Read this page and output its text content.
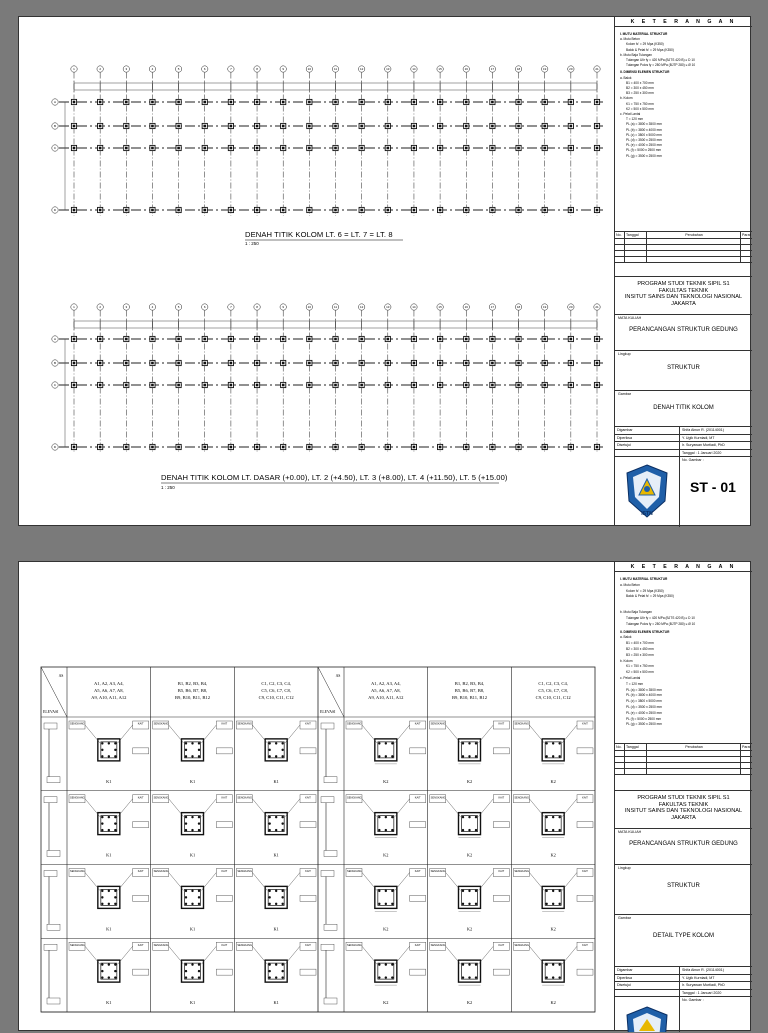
1	2	3	4	5	6	7	8	9	10	11	12	13	14	15	16	17	18	19	20	21
A
B
C
D
1	2	3	4	5	6	7	8	9	10	11	12	13	14	15	16	17	18	19	20	21
A
B
C
D
DENAH TITIK KOLOM LT. 6 = LT. 7 = LT. 8
1 : 250
DENAH TITIK KOLOM LT. DASAR (+0.00), LT. 2 (+4.50), LT. 3 (+8.00), LT. 4 (+11.50), LT. 5 (+15.00)
1 : 250
K E T E R A N G A N
I. MUTU MATERIAL STRUKTUR
a. Mutu Beton
Kolom fc' = 29 Mpa (K350)
Balok & Pelat fc' = 29 Mpa (K350)
b. Mutu Baja Tulangan
Tulangan Ulir fy = 420 MPa (BJTS 420 B) ≥ D 10
Tulangan Polos fy = 280 MPa (BJTP 280) ≤ Ø 10
II. DIMENSI ELEMEN STRUKTUR
a. Balok
B1 = 400 x 700 mm
B2 = 300 x 450 mm
B3 = 250 x 300 mm
b. Kolom
K1 = 750 x 750 mm
K2 = 500 x 500 mm
c. Pelat Lantai
T = 120 mm
PL (a) = 3800 x 3500 mm
PL (b) = 3800 x 4000 mm
PL (c) = 3800 x 5000 mm
PL (d) = 3500 x 2500 mm
PL (e) = 4000 x 2500 mm
PL (f) = 5000 x 2500 mm
PL (g) = 3500 x 2500 mm
No.	Tanggal	Perubahan	Paraf
PROGRAM STUDI TEKNIK SIPIL S1
FAKULTAS TEKNIK
INSITUT SAINS DAN TEKNOLOGI NASIONAL
JAKARTA
MATA KULIAH
PERANCANGAN STRUKTUR GEDUNG
Lingkup
STRUKTUR
Gambar
DENAH TITIK KOLOM
Digambar	Shifa Ainun R. (20114001)
Diperiksa	Y. Ugik Kurniadi, MT
Disetujui	Ir. Suryawan Murtiadi, PhD
Tanggal : 1 Januari 2020
ISTN
No. Gambar :
ST - 01
AS
ELEVASI
A1, A2, A3, A4,
A5, A6, A7, A8,
A9, A10, A11, A12
SENGKANG	KAIT
K1
SENGKANG	KAIT
K1
SENGKANG	KAIT
K1
SENGKANG	KAIT
K1
B1, B2, B3, B4,
B5, B6, B7, B8,
B9, B10, B11, B12
SENGKANG	KAIT
K1
SENGKANG	KAIT
K1
SENGKANG	KAIT
K1
SENGKANG	KAIT
K1
C1, C2, C3, C4,
C5, C6, C7, C8,
C9, C10, C11, C12
SENGKANG	KAIT
K1
SENGKANG	KAIT
K1
SENGKANG	KAIT
K1
SENGKANG	KAIT
K1
AS
ELEVASI
A1, A2, A3, A4,
A5, A6, A7, A8,
A9, A10, A11, A12
SENGKANG	KAIT
K2
SENGKANG	KAIT
K2
SENGKANG	KAIT
K2
SENGKANG	KAIT
K2
B1, B2, B3, B4,
B5, B6, B7, B8,
B9, B10, B11, B12
SENGKANG	KAIT
K2
SENGKANG	KAIT
K2
SENGKANG	KAIT
K2
SENGKANG	KAIT
K2
C1, C2, C3, C4,
C5, C6, C7, C8,
C9, C10, C11, C12
SENGKANG	KAIT
K2
SENGKANG	KAIT
K2
SENGKANG	KAIT
K2
SENGKANG	KAIT
K2
K E T E R A N G A N
I. MUTU MATERIAL STRUKTUR
a. Mutu Beton
Kolom fc' = 29 Mpa (K350)
Balok & Pelat fc' = 29 Mpa (K350)
b. Mutu Baja Tulangan
Tulangan Ulir fy = 420 MPa (BJTS 420 B) ≥ D 10
Tulangan Polos fy = 280 MPa (BJTP 280) ≤ Ø 10
II. DIMENSI ELEMEN STRUKTUR
a. Balok
B1 = 400 x 700 mm
B2 = 300 x 450 mm
B3 = 250 x 300 mm
b. Kolom
K1 = 750 x 750 mm
K2 = 500 x 500 mm
c. Pelat Lantai
T = 120 mm
PL (a) = 3800 x 3500 mm
PL (b) = 3800 x 4000 mm
PL (c) = 3800 x 5000 mm
PL (d) = 3500 x 2500 mm
PL (e) = 4000 x 2500 mm
PL (f) = 5000 x 2500 mm
PL (g) = 3500 x 2500 mm
No.	Tanggal	Perubahan	Paraf
PROGRAM STUDI TEKNIK SIPIL S1
FAKULTAS TEKNIK
INSITUT SAINS DAN TEKNOLOGI NASIONAL
JAKARTA
MATA KULIAH
PERANCANGAN STRUKTUR GEDUNG
Lingkup
STRUKTUR
Gambar
DETAIL TYPE KOLOM
Digambar	Shifa Ainun R. (20114001)
Diperiksa	Y. Ugik Kurniadi, MT
Disetujui	Ir. Suryawan Murtiadi, PhD
Tanggal : 1 Januari 2020
No. Gambar :
